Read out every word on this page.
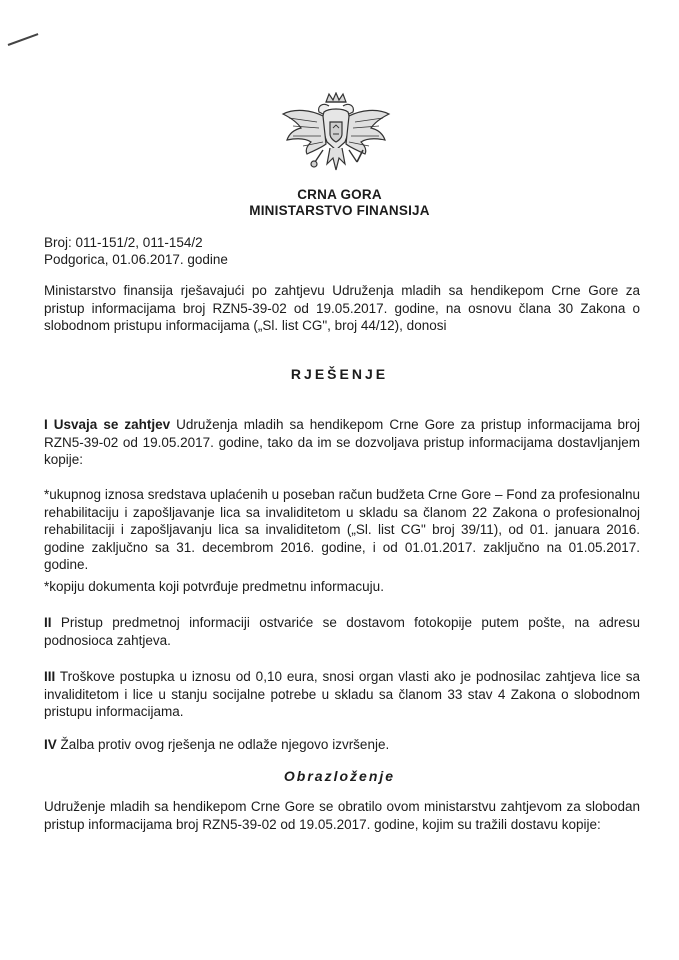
CRNA GORA
MINISTARSTVO FINANSIJA
Broj: 011-151/2, 011-154/2
Podgorica, 01.06.2017. godine

Ministarstvo finansija rješavajući po zahtjevu Udruženja mladih sa hendikepom Crne Gore za pristup informacijama broj RZN5-39-02 od 19.05.2017. godine, na osnovu člana 30 Zakona o slobodnom pristupu informacijama („Sl. list CG", broj 44/12), donosi

RJEŠENJE

I Usvaja se zahtjev Udruženja mladih sa hendikepom Crne Gore za pristup informacijama broj RZN5-39-02 od 19.05.2017. godine, tako da im se dozvoljava pristup informacijama dostavljanjem kopije:

*ukupnog iznosa sredstava uplaćenih u poseban račun budžeta Crne Gore – Fond za profesionalnu rehabilitaciju i zapošljavanje lica sa invaliditetom u skladu sa članom 22 Zakona o profesionalnoj rehabilitaciji i zapošljavanju lica sa invaliditetom („Sl. list CG" broj 39/11), od 01. januara 2016. godine zaključno sa 31. decembrom 2016. godine, i od 01.01.2017. zaključno na 01.05.2017. godine.

*kopiju dokumenta koji potvrđuje predmetnu informacuju.

II Pristup predmetnoj informaciji ostvariće se dostavom fotokopije putem pošte, na adresu podnosioca zahtjeva.

III Troškove postupka u iznosu od 0,10 eura, snosi organ vlasti ako je podnosilac zahtjeva lice sa invaliditetom i lice u stanju socijalne potrebe u skladu sa članom 33 stav 4 Zakona o slobodnom pristupu informacijama.

IV Žalba protiv ovog rješenja ne odlaže njegovo izvršenje.

Obrazloženje

Udruženje mladih sa hendikepom Crne Gore se obratilo ovom ministarstvu zahtjevom za slobodan pristup informacijama broj RZN5-39-02 od 19.05.2017. godine, kojim su tražili dostavu kopije:
